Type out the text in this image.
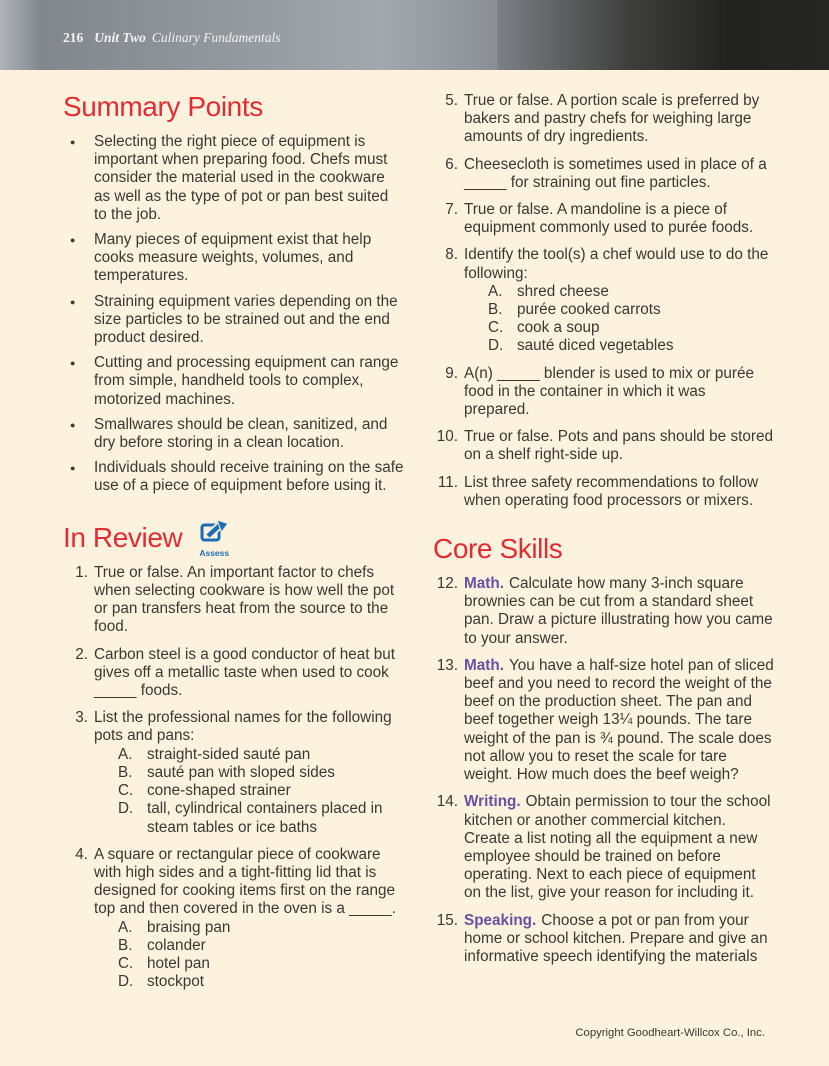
216 Unit Two Culinary Fundamentals
Summary Points
●	Selecting the right piece of equipment is important when preparing food. Chefs must consider the material used in the cookware as well as the type of pot or pan best suited to the job.
●	Many pieces of equipment exist that help cooks measure weights, volumes, and temperatures.
●	Straining equipment varies depending on the size particles to be strained out and the end product desired.
●	Cutting and processing equipment can range from simple, handheld tools to complex, motorized machines.
●	Smallwares should be clean, sanitized, and dry before storing in a clean location.
●	Individuals should receive training on the safe use of a piece of equipment before using it.
In Review Assess
1. True or false. An important factor to chefs when selecting cookware is how well the pot or pan transfers heat from the source to the food.
2. Carbon steel is a good conductor of heat but gives off a metallic taste when used to cook _____ foods.
3. List the professional names for the following pots and pans:
A. straight-sided sauté pan
B. sauté pan with sloped sides
C. cone-shaped strainer
D. tall, cylindrical containers placed in steam tables or ice baths
4. A square or rectangular piece of cookware with high sides and a tight-fitting lid that is designed for cooking items first on the range top and then covered in the oven is a _____.
A. braising pan
B. colander
C. hotel pan
D. stockpot
5. True or false. A portion scale is preferred by bakers and pastry chefs for weighing large amounts of dry ingredients.
6. Cheesecloth is sometimes used in place of a _____ for straining out fine particles.
7. True or false. A mandoline is a piece of equipment commonly used to purée foods.
8. Identify the tool(s) a chef would use to do the following:
A. shred cheese
B. purée cooked carrots
C. cook a soup
D. sauté diced vegetables
9. A(n) _____ blender is used to mix or purée food in the container in which it was prepared.
10. True or false. Pots and pans should be stored on a shelf right-side up.
11. List three safety recommendations to follow when operating food processors or mixers.
Core Skills
12. Math. Calculate how many 3-inch square brownies can be cut from a standard sheet pan. Draw a picture illustrating how you came to your answer.
13. Math. You have a half-size hotel pan of sliced beef and you need to record the weight of the beef on the production sheet. The pan and beef together weigh 13¼ pounds. The tare weight of the pan is ¾ pound. The scale does not allow you to reset the scale for tare weight. How much does the beef weigh?
14. Writing. Obtain permission to tour the school kitchen or another commercial kitchen. Create a list noting all the equipment a new employee should be trained on before operating. Next to each piece of equipment on the list, give your reason for including it.
15. Speaking. Choose a pot or pan from your home or school kitchen. Prepare and give an informative speech identifying the materials
Copyright Goodheart-Willcox Co., Inc.
